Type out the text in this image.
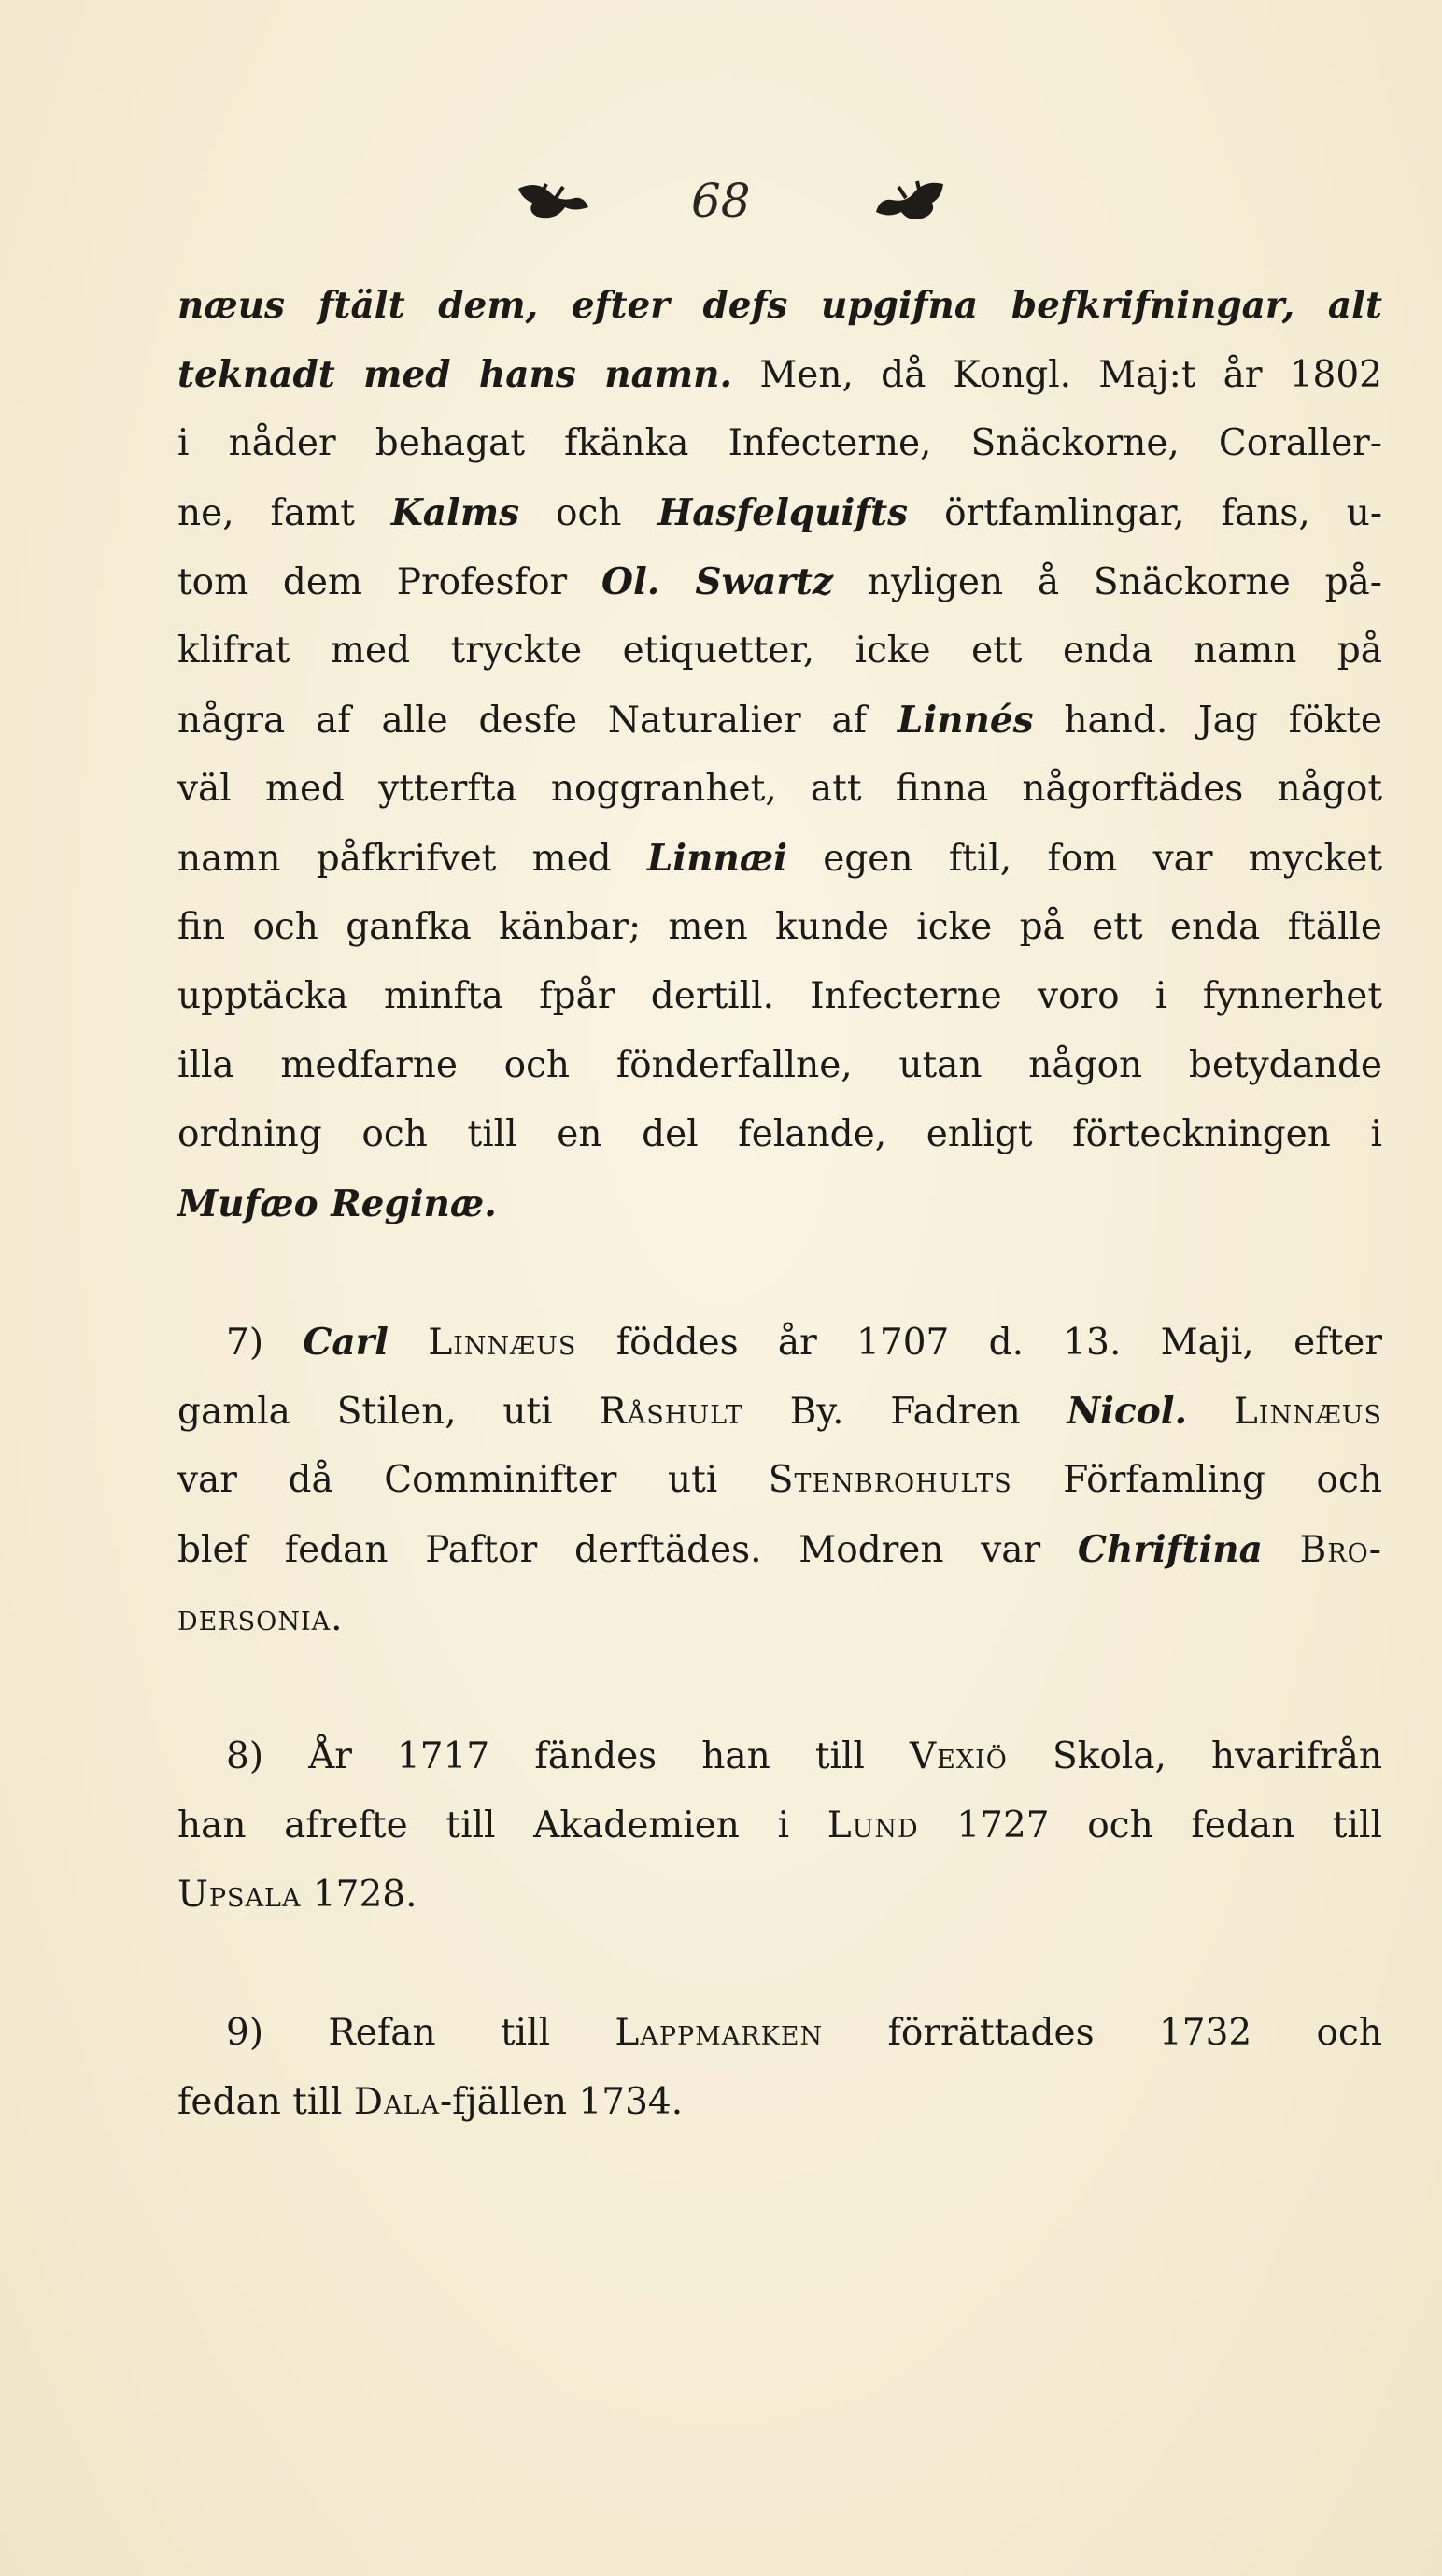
68
næus ftält dem, efter defs upgifna befkrifningar, alt
teknadt med hans namn. Men, då Kongl. Maj:t år 1802
i nåder behagat fkänka Infecterne, Snäckorne, Coraller-
ne, famt Kalms och Hasfelquifts örtfamlingar, fans, u-
tom dem Profesfor Ol. Swartz nyligen å Snäckorne på-
klifrat med tryckte etiquetter, icke ett enda namn på
några af alle desfe Naturalier af Linnés hand. Jag fökte
väl med ytterfta noggranhet, att finna någorftädes något
namn påfkrifvet med Linnæi egen ftil, fom var mycket
fin och ganfka känbar; men kunde icke på ett enda ftälle
upptäcka minfta fpår dertill. Infecterne voro i fynnerhet
illa medfarne och fönderfallne, utan någon betydande
ordning och till en del felande, enligt förteckningen i
Mufæo Reginæ.
7) Carl Linnæus föddes år 1707 d. 13. Maji, efter
gamla Stilen, uti Råshult By. Fadren Nicol. Linnæus
var då Comminifter uti Stenbrohults Förfamling och
blef fedan Paftor derftädes. Modren var Chriftina Bro-
dersonia.
8) År 1717 fändes han till Vexiö Skola, hvarifrån
han afrefte till Akademien i Lund 1727 och fedan till
Upsala 1728.
9) Refan till Lappmarken förrättades 1732 och
fedan till Dala-fjällen 1734.
